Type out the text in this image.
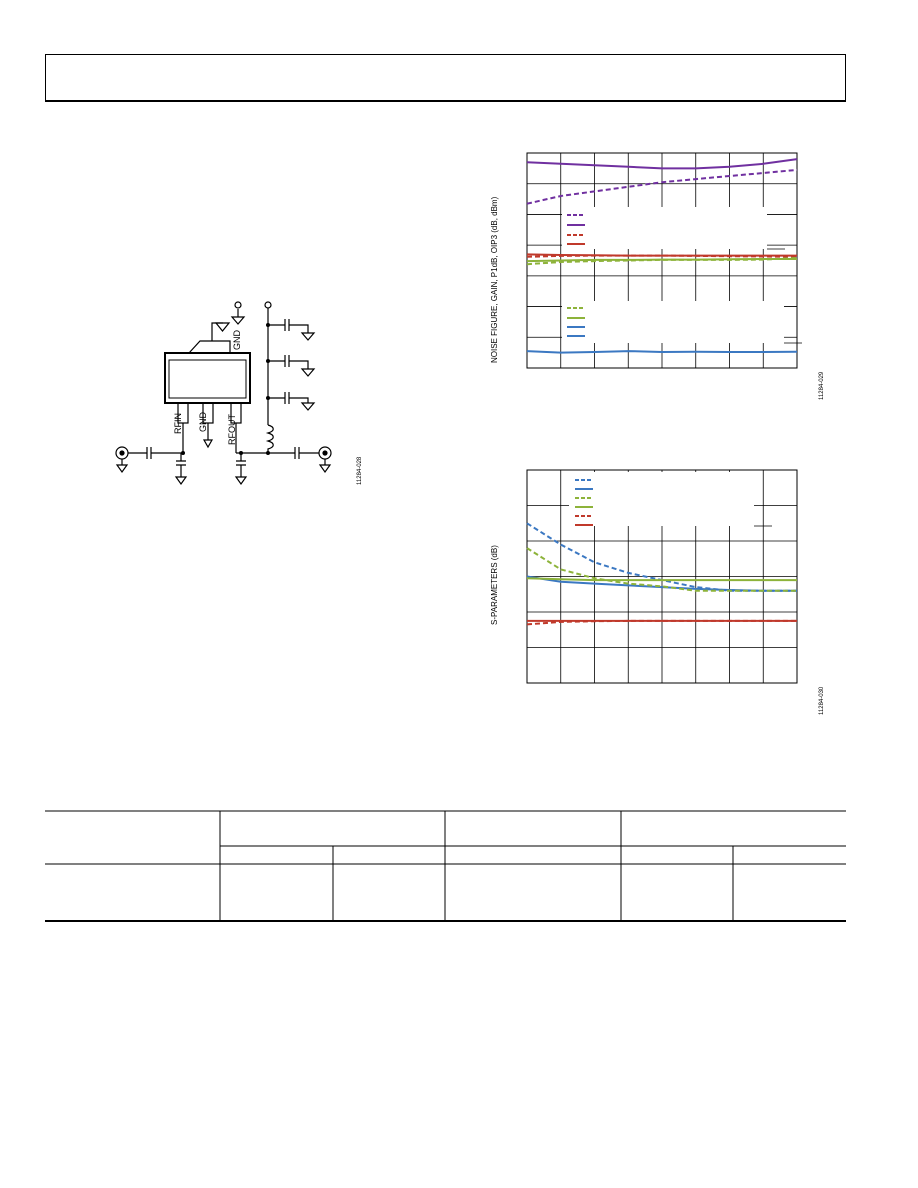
RFIN GND RFOUT
GND
11284-028
NOISE FIGURE, GAIN, P1dB, OIP3 (dB, dBm)
11284-029
S-PARAMETERS (dB)
11284-030
